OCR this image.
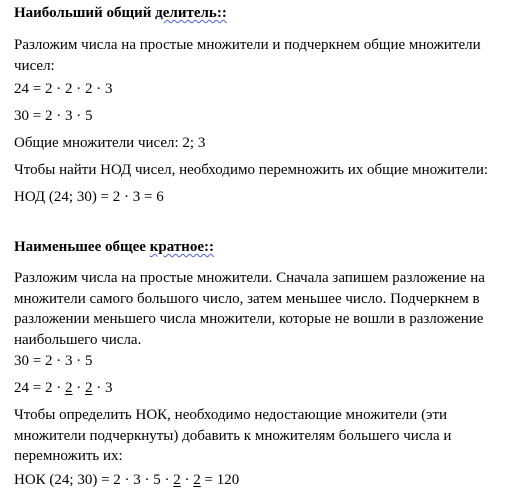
Наибольший общий делитель::
Разложим числа на простые множители и подчеркнем общие множители чисел:
24 = 2 · 2 · 2 · 3
30 = 2 · 3 · 5
Общие множители чисел: 2; 3
Чтобы найти НОД чисел, необходимо перемножить их общие множители:
НОД (24; 30) = 2 · 3 = 6
Наименьшее общее кратное::
Разложим числа на простые множители. Сначала запишем разложение на множители самого большого число, затем меньшее число. Подчеркнем в разложении меньшего числа множители, которые не вошли в разложение наибольшего числа.
30 = 2 · 3 · 5
24 = 2 · 2 · 2 · 3
Чтобы определить НОК, необходимо недостающие множители (эти множители подчеркнуты) добавить к множителям большего числа и перемножить их:
НОК (24; 30) = 2 · 3 · 5 · 2 · 2 = 120
